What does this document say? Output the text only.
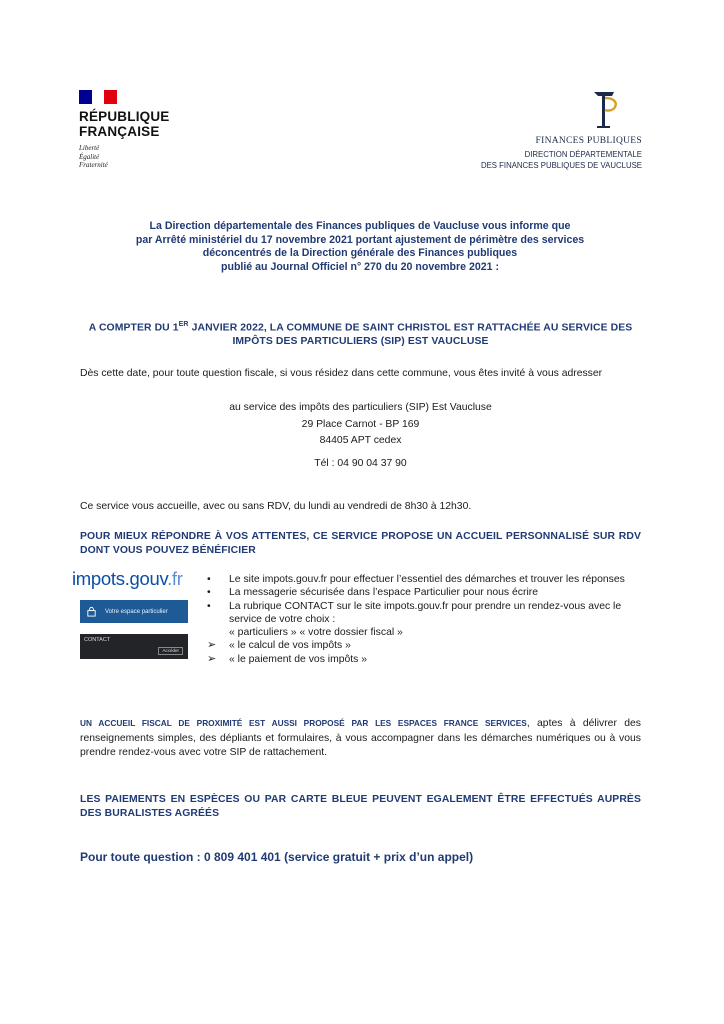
RÉPUBLIQUE
FRANÇAISE
Liberté
Égalité
Fraternité
FINANCES PUBLIQUES
DIRECTION DÉPARTEMENTALE
DES FINANCES PUBLIQUES DE VAUCLUSE
La Direction départementale des Finances publiques de Vaucluse vous informe que
par Arrêté ministériel du 17 novembre 2021 portant ajustement de périmètre des services
déconcentrés de la Direction générale des Finances publiques
publié au Journal Officiel n° 270 du 20 novembre 2021 :
A COMPTER DU 1ER JANVIER 2022, LA COMMUNE DE SAINT CHRISTOL EST RATTACHÉE AU SERVICE DES IMPÔTS DES PARTICULIERS (SIP) EST VAUCLUSE
Dès cette date, pour toute question fiscale, si vous résidez dans cette commune, vous êtes invité à vous adresser
au service des impôts des particuliers (SIP) Est Vaucluse
29 Place Carnot - BP 169
84405 APT cedex
Tél : 04 90 04 37 90
Ce service vous accueille, avec ou sans RDV, du lundi au vendredi de 8h30 à 12h30.
POUR MIEUX RÉPONDRE À VOS ATTENTES, CE SERVICE PROPOSE UN ACCUEIL PERSONNALISÉ SUR RDV DONT VOUS POUVEZ BÉNÉFICIER
impots.gouv.fr
Votre espace particulier
CONTACT
Accéder
• Le site impots.gouv.fr pour effectuer l’essentiel des démarches et trouver les réponses
• La messagerie sécurisée dans l’espace Particulier pour nous écrire
• La rubrique CONTACT sur le site impots.gouv.fr pour prendre un rendez-vous avec le service de votre choix :
« particuliers » « votre dossier fiscal »
➢ « le calcul de vos impôts »
➢ « le paiement de vos impôts »
UN ACCUEIL FISCAL DE PROXIMITÉ EST AUSSI PROPOSÉ PAR LES ESPACES FRANCE SERVICES, aptes à délivrer des renseignements simples, des dépliants et formulaires, à vous accompagner dans les démarches numériques ou à vous prendre rendez-vous avec votre SIP de rattachement.
LES PAIEMENTS EN ESPÈCES OU PAR CARTE BLEUE PEUVENT EGALEMENT ÊTRE EFFECTUÉS AUPRÈS DES BURALISTES AGRÉÉS
Pour toute question : 0 809 401 401 (service gratuit + prix d’un appel)
